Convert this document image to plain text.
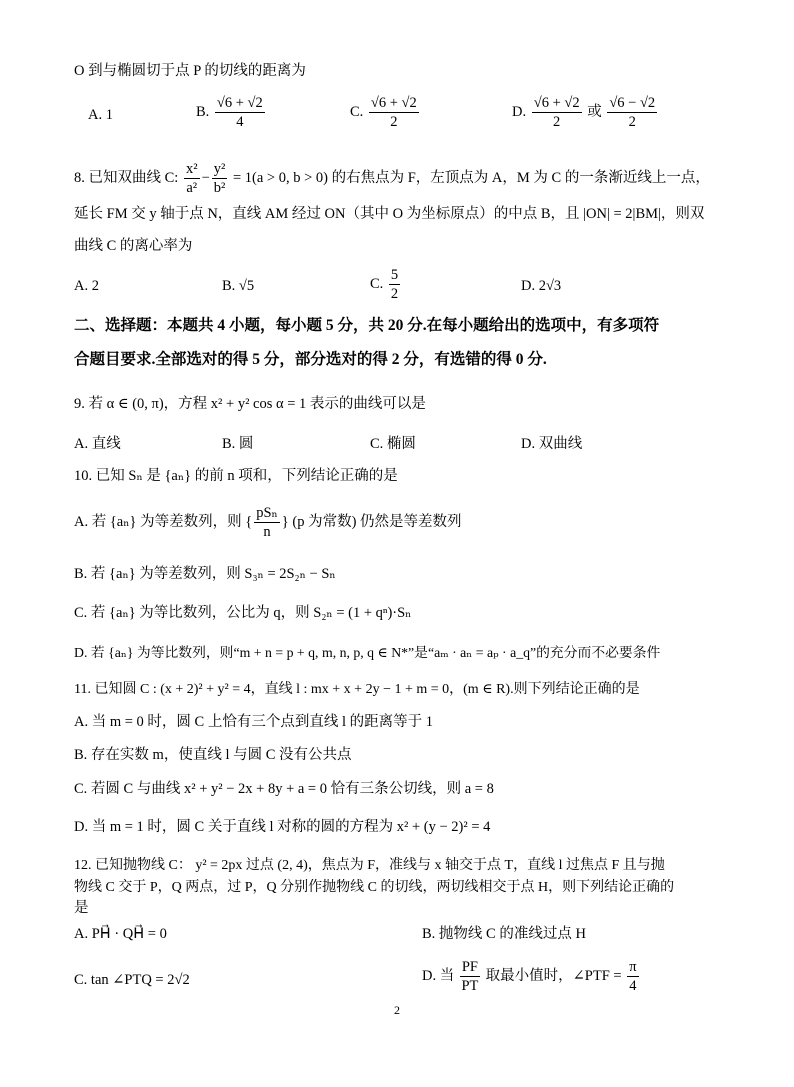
O 到与椭圆切于点 P 的切线的距离为
A. 1	B. $\frac{√6 + √2}{4}$	C. $\frac{√6 + √2}{2}$	D. $\frac{√6 + √2}{2}$ 或 $\frac{√6 - √2}{2}$
8. 已知双曲线 C: $\frac{\text{x²}}{\text{a²}} - \frac{\text{y²}}{\text{b²}} = 1(a > 0$, b > 0) 的右焦点为 F，左顶点为 A，M 为 C 的一条渐近线上一点，
延长 FM 交 y 轴于点 N，直线 AM 经过 ON（其中 O 为坐标原点）的中点 B，且 |ON| = 2|BM|，则双
曲线 C 的离心率为
A. 2	B. √5	C. $\frac{5}{2}$	D. 2√3
二、选择题：本题共 4 小题，每小题 5 分，共 20 分.在每小题给出的选项中，有多项符
合题目要求.全部选对的得 5 分，部分选对的得 2 分，有选错的得 0 分.
9. 若 α ∈ (0, π)，方程 x² + y² cos α = 1 表示的曲线可以是
A. 直线	B. 圆	C. 椭圆	D. 双曲线
10. 已知 Sₙ 是 {aₙ} 的前 n 项和，下列结论正确的是
A. 若 {aₙ} 为等差数列，则 { $\frac{\text{pSₙ}}{n}$ } (p 为常数) 仍然是等差数列
B. 若 {aₙ} 为等差数列，则 S₃ₙ = 2S₂ₙ − Sₙ
C. 若 {aₙ} 为等比数列，公比为 q，则 S₂ₙ = (1 + qⁿ)·Sₙ
D. 若 {aₙ} 为等比数列，则“m + n = p + q, m, n, p, q ∈ N*”是“aₘ · aₙ = aₚ · a_q”的充分而不必要条件
11. 已知圆 C : (x + 2)² + y² = 4，直线 l : mx + x + 2y − 1 + m = 0，(m ∈ R).则下列结论正确的是
A. 当 m = 0 时，圆 C 上恰有三个点到直线 l 的距离等于 1
B. 存在实数 m，使直线 l 与圆 C 没有公共点
C. 若圆 C 与曲线 x² + y² − 2x + 8y + a = 0 恰有三条公切线，则 a = 8
D. 当 m = 1 时，圆 C 关于直线 l 对称的圆的方程为 x² + (y − 2)² = 4
12. 已知抛物线 C： y² = 2px 过点 (2, 4)，焦点为 F，准线与 x 轴交于点 T，直线 l 过焦点 F 且与抛
物线 C 交于 P，Q 两点，过 P，Q 分别作抛物线 C 的切线，两切线相交于点 H，则下列结论正确的
是
A. PH⃗ · QH⃗ = 0	B. 抛物线 C 的准线过点 H
C. tan ∠PTQ = 2√2	D. 当 $\frac{PF}{PT}$ 取最小值时，∠PTF = $\frac{\pi}{4}$
2
